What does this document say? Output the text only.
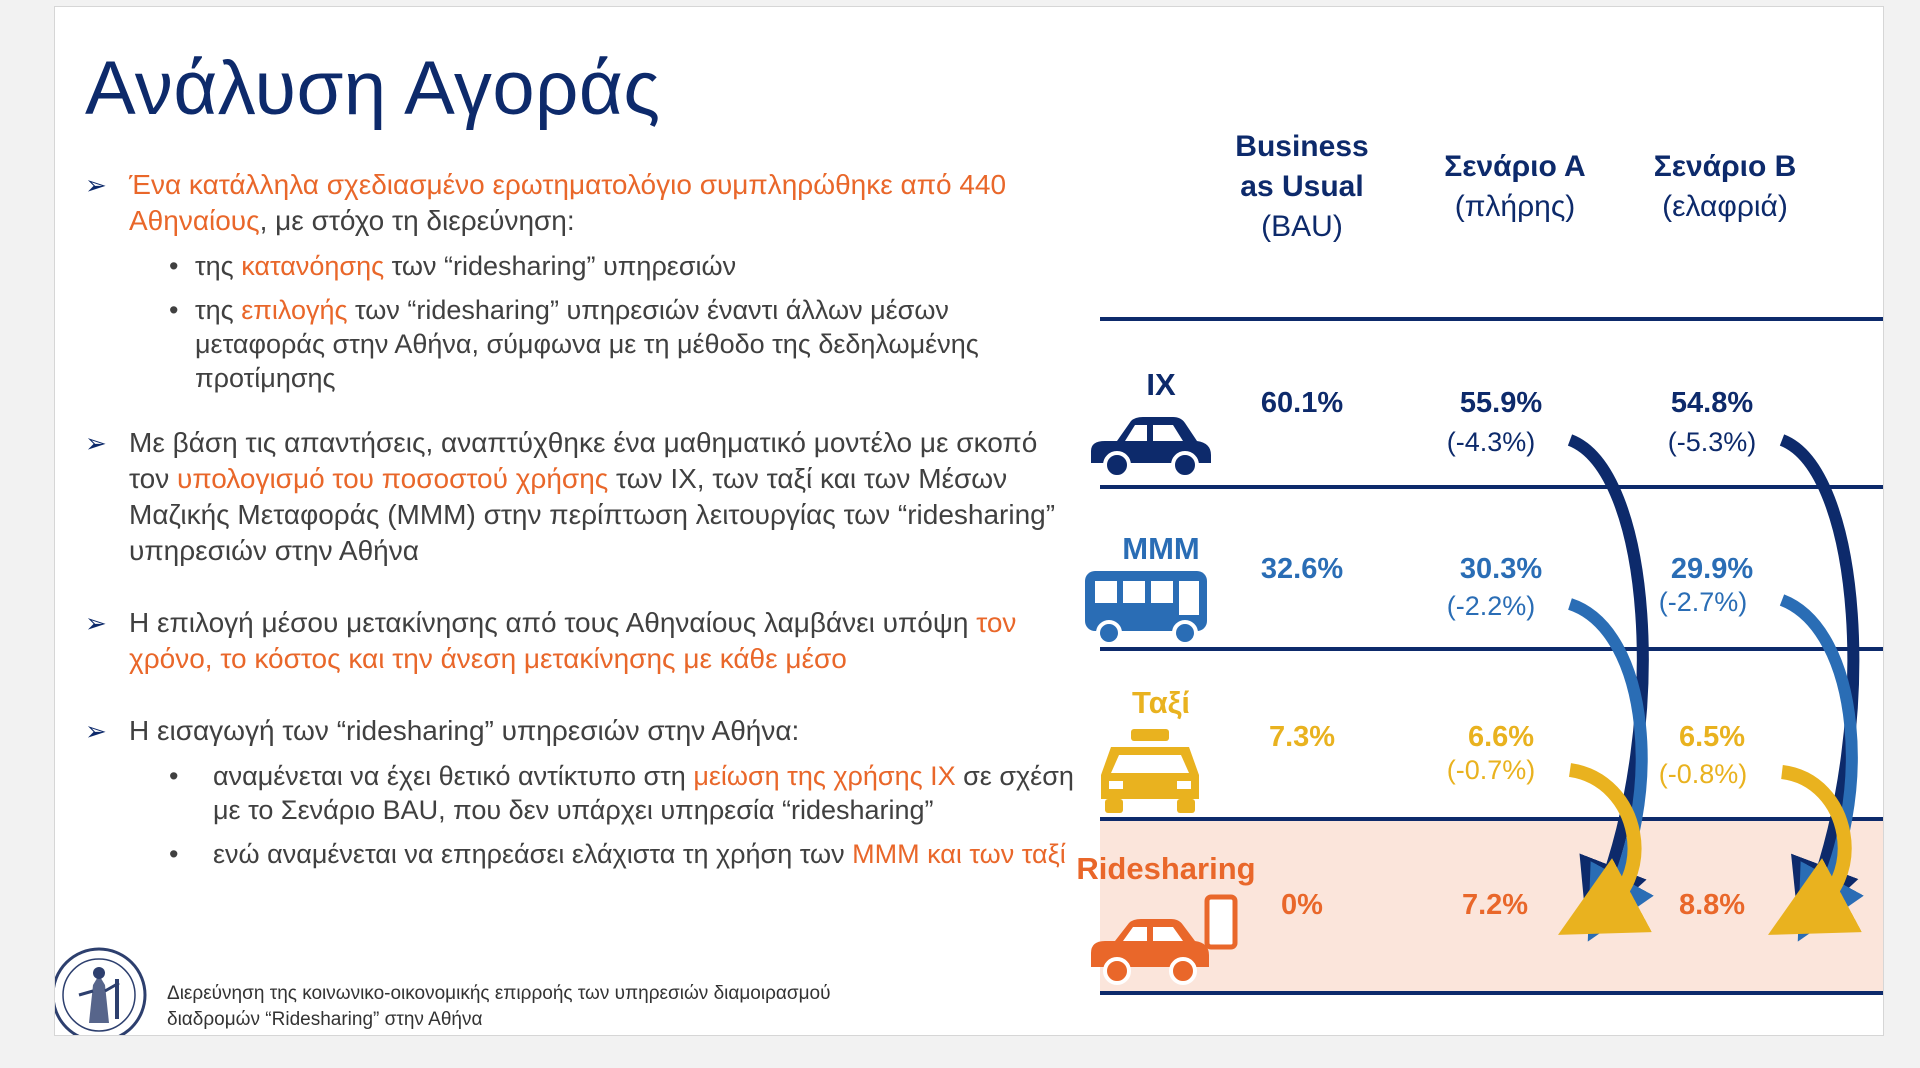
Ανάλυση Αγοράς
➢ Ένα κατάλληλα σχεδιασμένο ερωτηματολόγιο συμπληρώθηκε από 440 Αθηναίους, με στόχο τη διερεύνηση:
• της κατανόησης των “ridesharing” υπηρεσιών
• της επιλογής των “ridesharing” υπηρεσιών έναντι άλλων μέσων μεταφοράς στην Αθήνα, σύμφωνα με τη μέθοδο της δεδηλωμένης προτίμησης
➢ Με βάση τις απαντήσεις, αναπτύχθηκε ένα μαθηματικό μοντέλο με σκοπό τον υπολογισμό του ποσοστού χρήσης των ΙΧ, των ταξί και των Μέσων Μαζικής Μεταφοράς (ΜΜΜ) στην περίπτωση λειτουργίας των “ridesharing” υπηρεσιών στην Αθήνα
➢ Η επιλογή μέσου μετακίνησης από τους Αθηναίους λαμβάνει υπόψη τον χρόνο, το κόστος και την άνεση μετακίνησης με κάθε μέσο
➢ Η εισαγωγή των “ridesharing” υπηρεσιών στην Αθήνα:
• αναμένεται να έχει θετικό αντίκτυπο στη μείωση της χρήσης ΙΧ σε σχέση με το Σενάριο BAU, που δεν υπάρχει υπηρεσία “ridesharing”
• ενώ αναμένεται να επηρεάσει ελάχιστα τη χρήση των ΜΜΜ και των ταξί
Διερεύνηση της κοινωνικο-οικονομικής επιρροής των υπηρεσιών διαμοιρασμού
διαδρομών “Ridesharing” στην Αθήνα
Business
as Usual
(BAU)
Σενάριο Α
(πλήρης)
Σενάριο Β
(ελαφριά)
ΙΧ
ΜΜΜ
Ταξί
Ridesharing
60.1%
32.6%
7.3%
0%
55.9%
(-4.3%)
30.3%
(-2.2%)
6.6%
(-0.7%)
7.2%
54.8%
(-5.3%)
29.9%
(-2.7%)
6.5%
(-0.8%)
8.8%
